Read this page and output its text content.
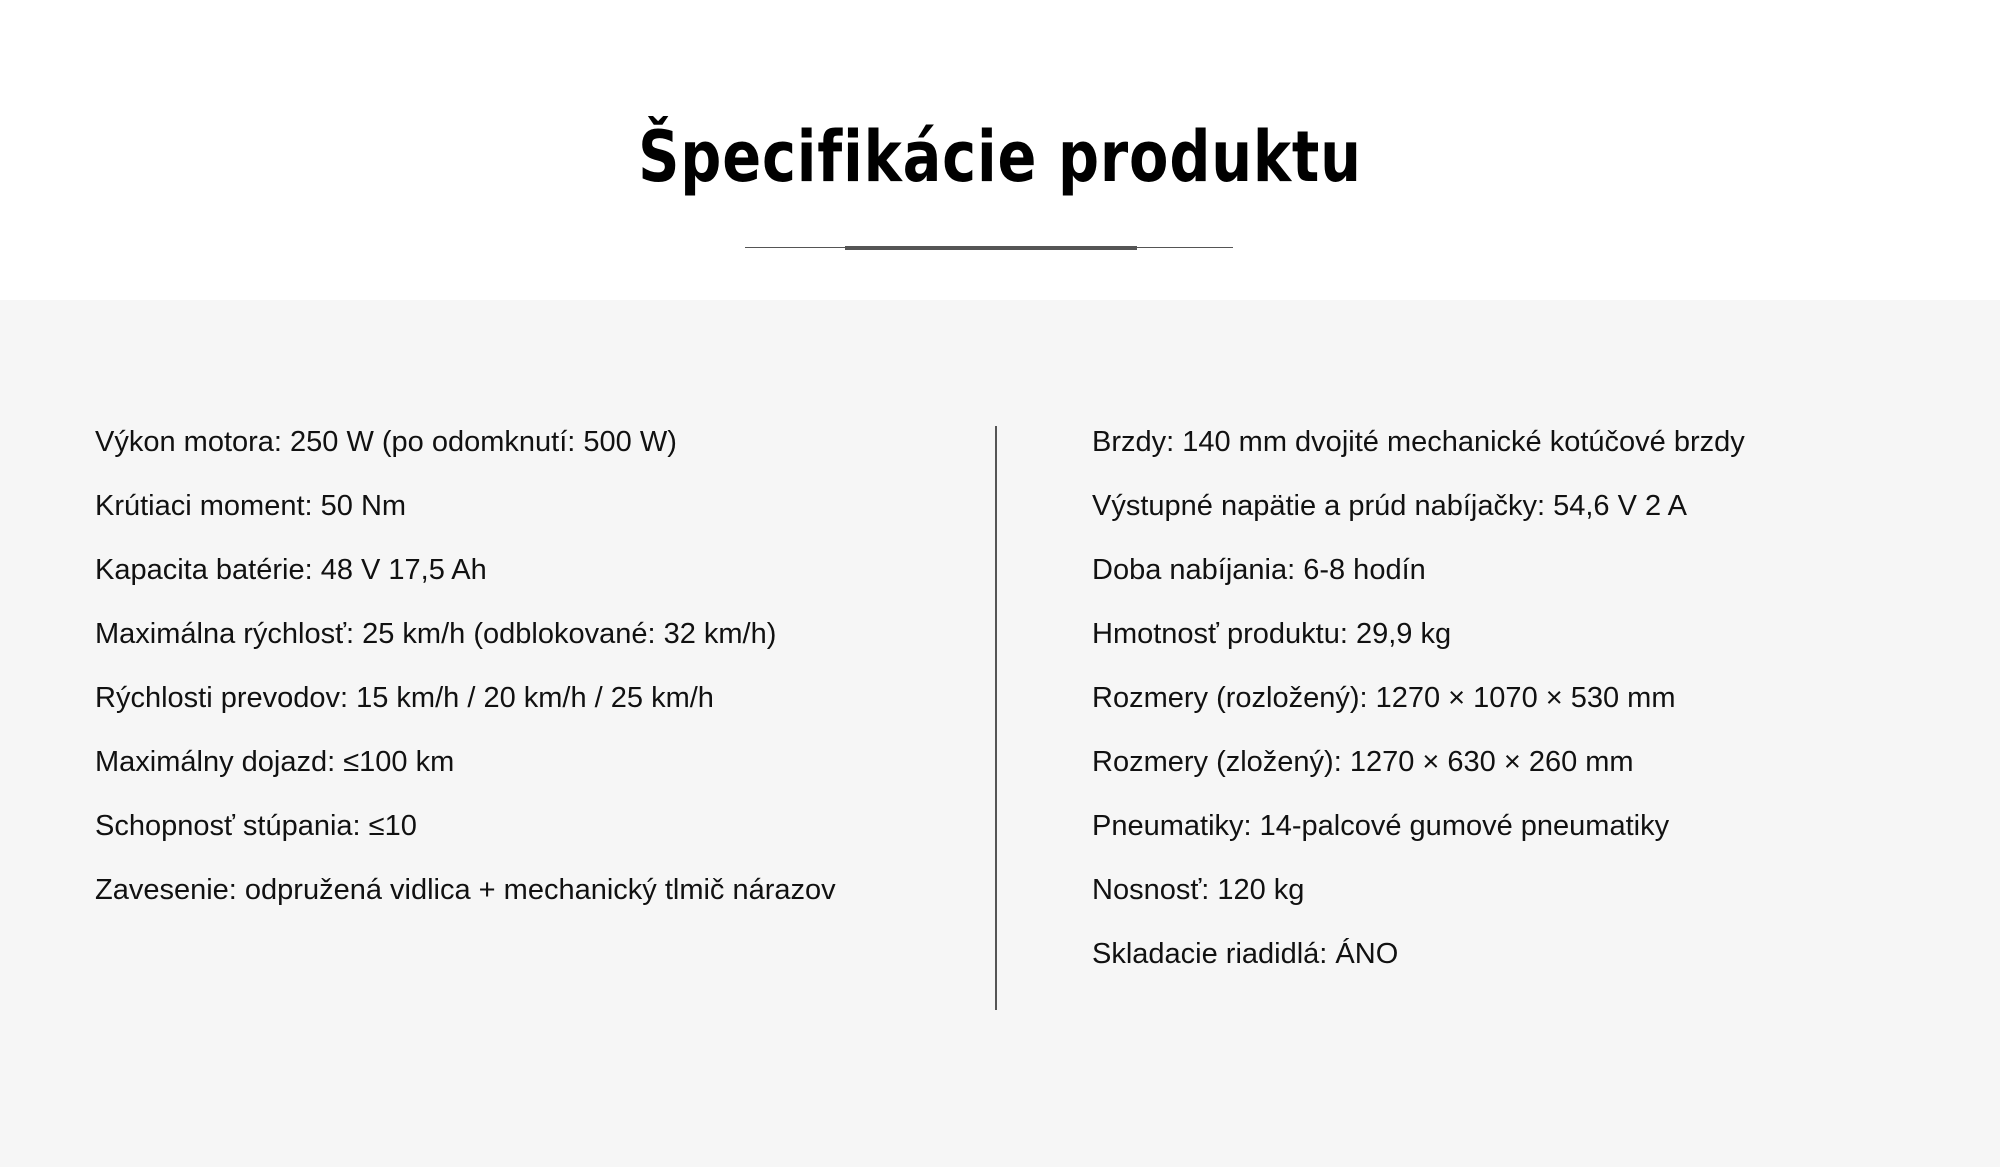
Špecifikácie produktu
Výkon motora: 250 W (po odomknutí: 500 W)
Krútiaci moment: 50 Nm
Kapacita batérie: 48 V 17,5 Ah
Maximálna rýchlosť: 25 km/h (odblokované: 32 km/h)
Rýchlosti prevodov: 15 km/h / 20 km/h / 25 km/h
Maximálny dojazd: ≤100 km
Schopnosť stúpania: ≤10
Zavesenie: odpružená vidlica + mechanický tlmič nárazov
Brzdy: 140 mm dvojité mechanické kotúčové brzdy
Výstupné napätie a prúd nabíjačky: 54,6 V 2 A
Doba nabíjania: 6-8 hodín
Hmotnosť produktu: 29,9 kg
Rozmery (rozložený): 1270 × 1070 × 530 mm
Rozmery (zložený): 1270 × 630 × 260 mm
Pneumatiky: 14-palcové gumové pneumatiky
Nosnosť: 120 kg
Skladacie riadidlá: ÁNO
